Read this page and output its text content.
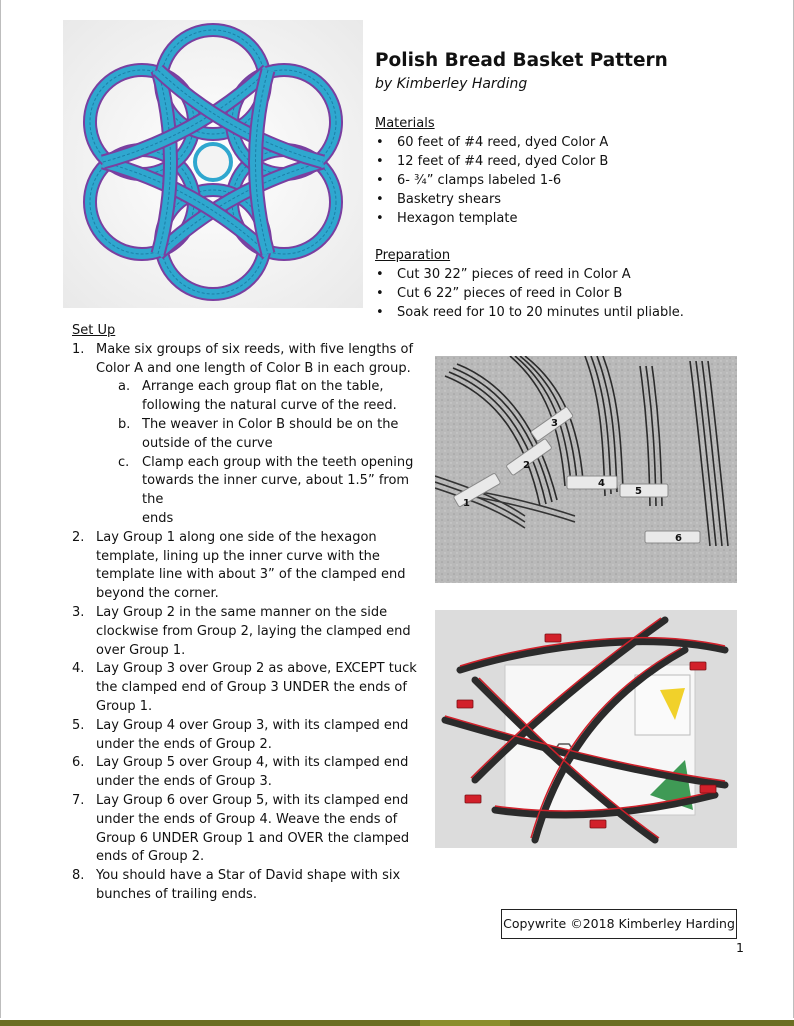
Polish Bread Basket Pattern
by Kimberley Harding
Materials
• 60 feet of #4 reed, dyed Color A
• 12 feet of #4 reed, dyed Color B
• 6- ¾” clamps labeled 1-6
• Basketry shears
• Hexagon template
Preparation
• Cut 30 22” pieces of reed in Color A
• Cut 6 22” pieces of reed in Color B
• Soak reed for 10 to 20 minutes until pliable.
Set Up
1. Make six groups of six reeds, with five lengths of
Color A and one length of Color B in each group.
a. Arrange each group flat on the table,
following the natural curve of the reed.
b. The weaver in Color B should be on the
outside of the curve
c. Clamp each group with the teeth opening
towards the inner curve, about 1.5” from the
ends
2. Lay Group 1 along one side of the hexagon
template, lining up the inner curve with the
template line with about 3” of the clamped end
beyond the corner.
3. Lay Group 2 in the same manner on the side
clockwise from Group 2, laying the clamped end
over Group 1.
4. Lay Group 3 over Group 2 as above, EXCEPT tuck
the clamped end of Group 3 UNDER the ends of
Group 1.
5. Lay Group 4 over Group 3, with its clamped end
under the ends of Group 2.
6. Lay Group 5 over Group 4, with its clamped end
under the ends of Group 3.
7. Lay Group 6 over Group 5, with its clamped end
under the ends of Group 4. Weave the ends of
Group 6 UNDER Group 1 and OVER the clamped
ends of Group 2.
8. You should have a Star of David shape with six
bunches of trailing ends.
1
2
3
4
5
6
Copywrite ©2018 Kimberley Harding
1
